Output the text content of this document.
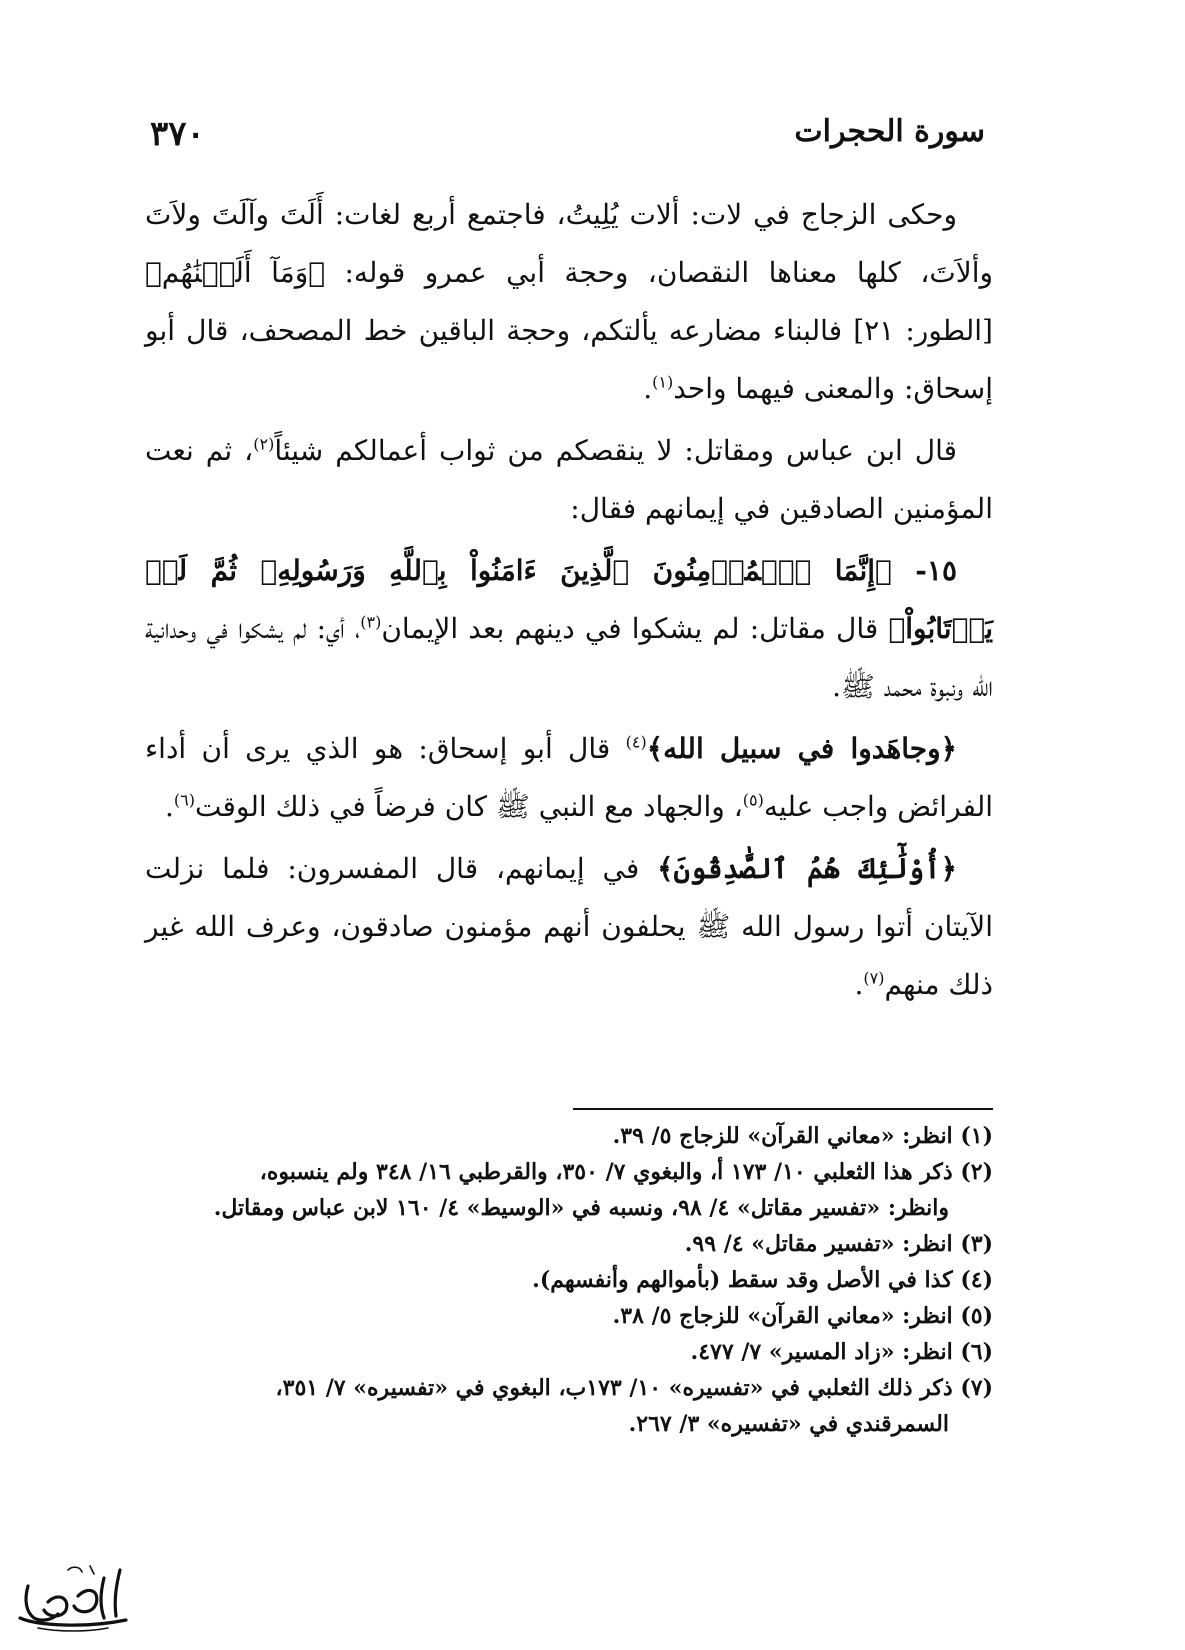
سورة الحجرات
٣٧٠

وحكى الزجاج في لات: ألات يُلِيتُ، فاجتمع أربع لغات: أَلَتَ وآلَتَ ولاَتَ وألاَتَ، كلها معناها النقصان، وحجة أبي عمرو قوله: ﴿وَمَآ أَلَتۡنَٰهُم﴾ [الطور: ٢١] فالبناء مضارعه يألتكم، وحجة الباقين خط المصحف، قال أبو إسحاق: والمعنى فيهما واحد$^{(١)}$.

قال ابن عباس ومقاتل: لا ينقصكم من ثواب أعمالكم شيئاً$^{(٢)}$، ثم نعت المؤمنين الصادقين في إيمانهم فقال:

١٥- ﴿إِنَّمَا ٱلۡمُؤۡمِنُونَ ٱلَّذِينَ ءَامَنُواْ بِٱللَّهِ وَرَسُولِهِۦ ثُمَّ لَمۡ يَرۡتَابُواْ﴾ قال مقاتل: لم يشكوا في دينهم بعد الإيمان$^{(٣)}$، أي: لم يشكوا في وحدانية الله ونبوة محمد ﷺ.

﴿وجاهَدوا في سبيل الله﴾$^{(٤)}$ قال أبو إسحاق: هو الذي يرى أن أداء الفرائض واجب عليه$^{(٥)}$، والجهاد مع النبي ﷺ كان فرضاً في ذلك الوقت$^{(٦)}$.

﴿أُوْلَٰٓئِكَ هُمُ ٱلصَّٰدِقُونَ﴾ في إيمانهم، قال المفسرون: فلما نزلت الآيتان أتوا رسول الله ﷺ يحلفون أنهم مؤمنون صادقون، وعرف الله غير ذلك منهم$^{(٧)}$.

(١) انظر: «معاني القرآن» للزجاج ٥/ ٣٩.
(٢) ذكر هذا الثعلبي ١٠/ ١٧٣ أ، والبغوي ٧/ ٣٥٠، والقرطبي ١٦/ ٣٤٨ ولم ينسبوه،
وانظر: «تفسير مقاتل» ٤/ ٩٨، ونسبه في «الوسيط» ٤/ ١٦٠ لابن عباس ومقاتل.
(٣) انظر: «تفسير مقاتل» ٤/ ٩٩.
(٤) كذا في الأصل وقد سقط (بأموالهم وأنفسهم).
(٥) انظر: «معاني القرآن» للزجاج ٥/ ٣٨.
(٦) انظر: «زاد المسير» ٧/ ٤٧٧.
(٧) ذكر ذلك الثعلبي في «تفسيره» ١٠/ ١٧٣ب، البغوي في «تفسيره» ٧/ ٣٥١،
السمرقندي في «تفسيره» ٣/ ٢٦٧.
